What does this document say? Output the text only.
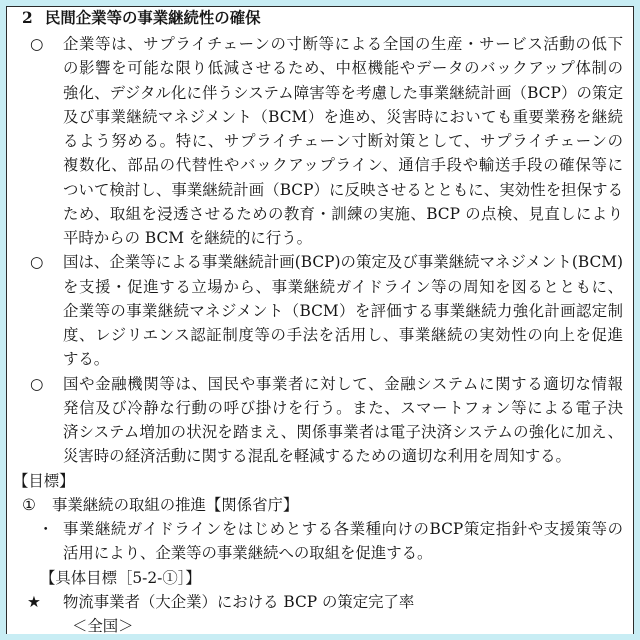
2 民間企業等の事業継続性の確保
○	企業等は、サプライチェーンの寸断等による全国の生産・サービス活動の低下
の影響を可能な限り低減させるため、中枢機能やデータのバックアップ体制の
強化、デジタル化に伴うシステム障害等を考慮した事業継続計画（BCP）の策定
及び事業継続マネジメント（BCM）を進め、災害時においても重要業務を継続
るよう努める。特に、サプライチェーン寸断対策として、サプライチェーンの
複数化、部品の代替性やバックアップライン、通信手段や輸送手段の確保等に
ついて検討し、事業継続計画（BCP）に反映させるとともに、実効性を担保する
ため、取組を浸透させるための教育・訓練の実施、BCP の点検、見直しにより
平時からの BCM を継続的に行う。
○	国は、企業等による事業継続計画(BCP)の策定及び事業継続マネジメント(BCM)
を支援・促進する立場から、事業継続ガイドライン等の周知を図るとともに、
企業等の事業継続マネジメント（BCM）を評価する事業継続力強化計画認定制
度、レジリエンス認証制度等の手法を活用し、事業継続の実効性の向上を促進
する。
○	国や金融機関等は、国民や事業者に対して、金融システムに関する適切な情報
発信及び冷静な行動の呼び掛けを行う。また、スマートフォン等による電子決
済システム増加の状況を踏まえ、関係事業者は電子決済システムの強化に加え、
災害時の経済活動に関する混乱を軽減するための適切な利用を周知する。
【目標】
①	事業継続の取組の推進【関係省庁】
・ 事業継続ガイドラインをはじめとする各業種向けのBCP策定指針や支援策等の
活用により、企業等の事業継続への取組を促進する。
【具体目標［5-2-①］】
★	物流事業者（大企業）における BCP の策定完了率
＜全国＞
